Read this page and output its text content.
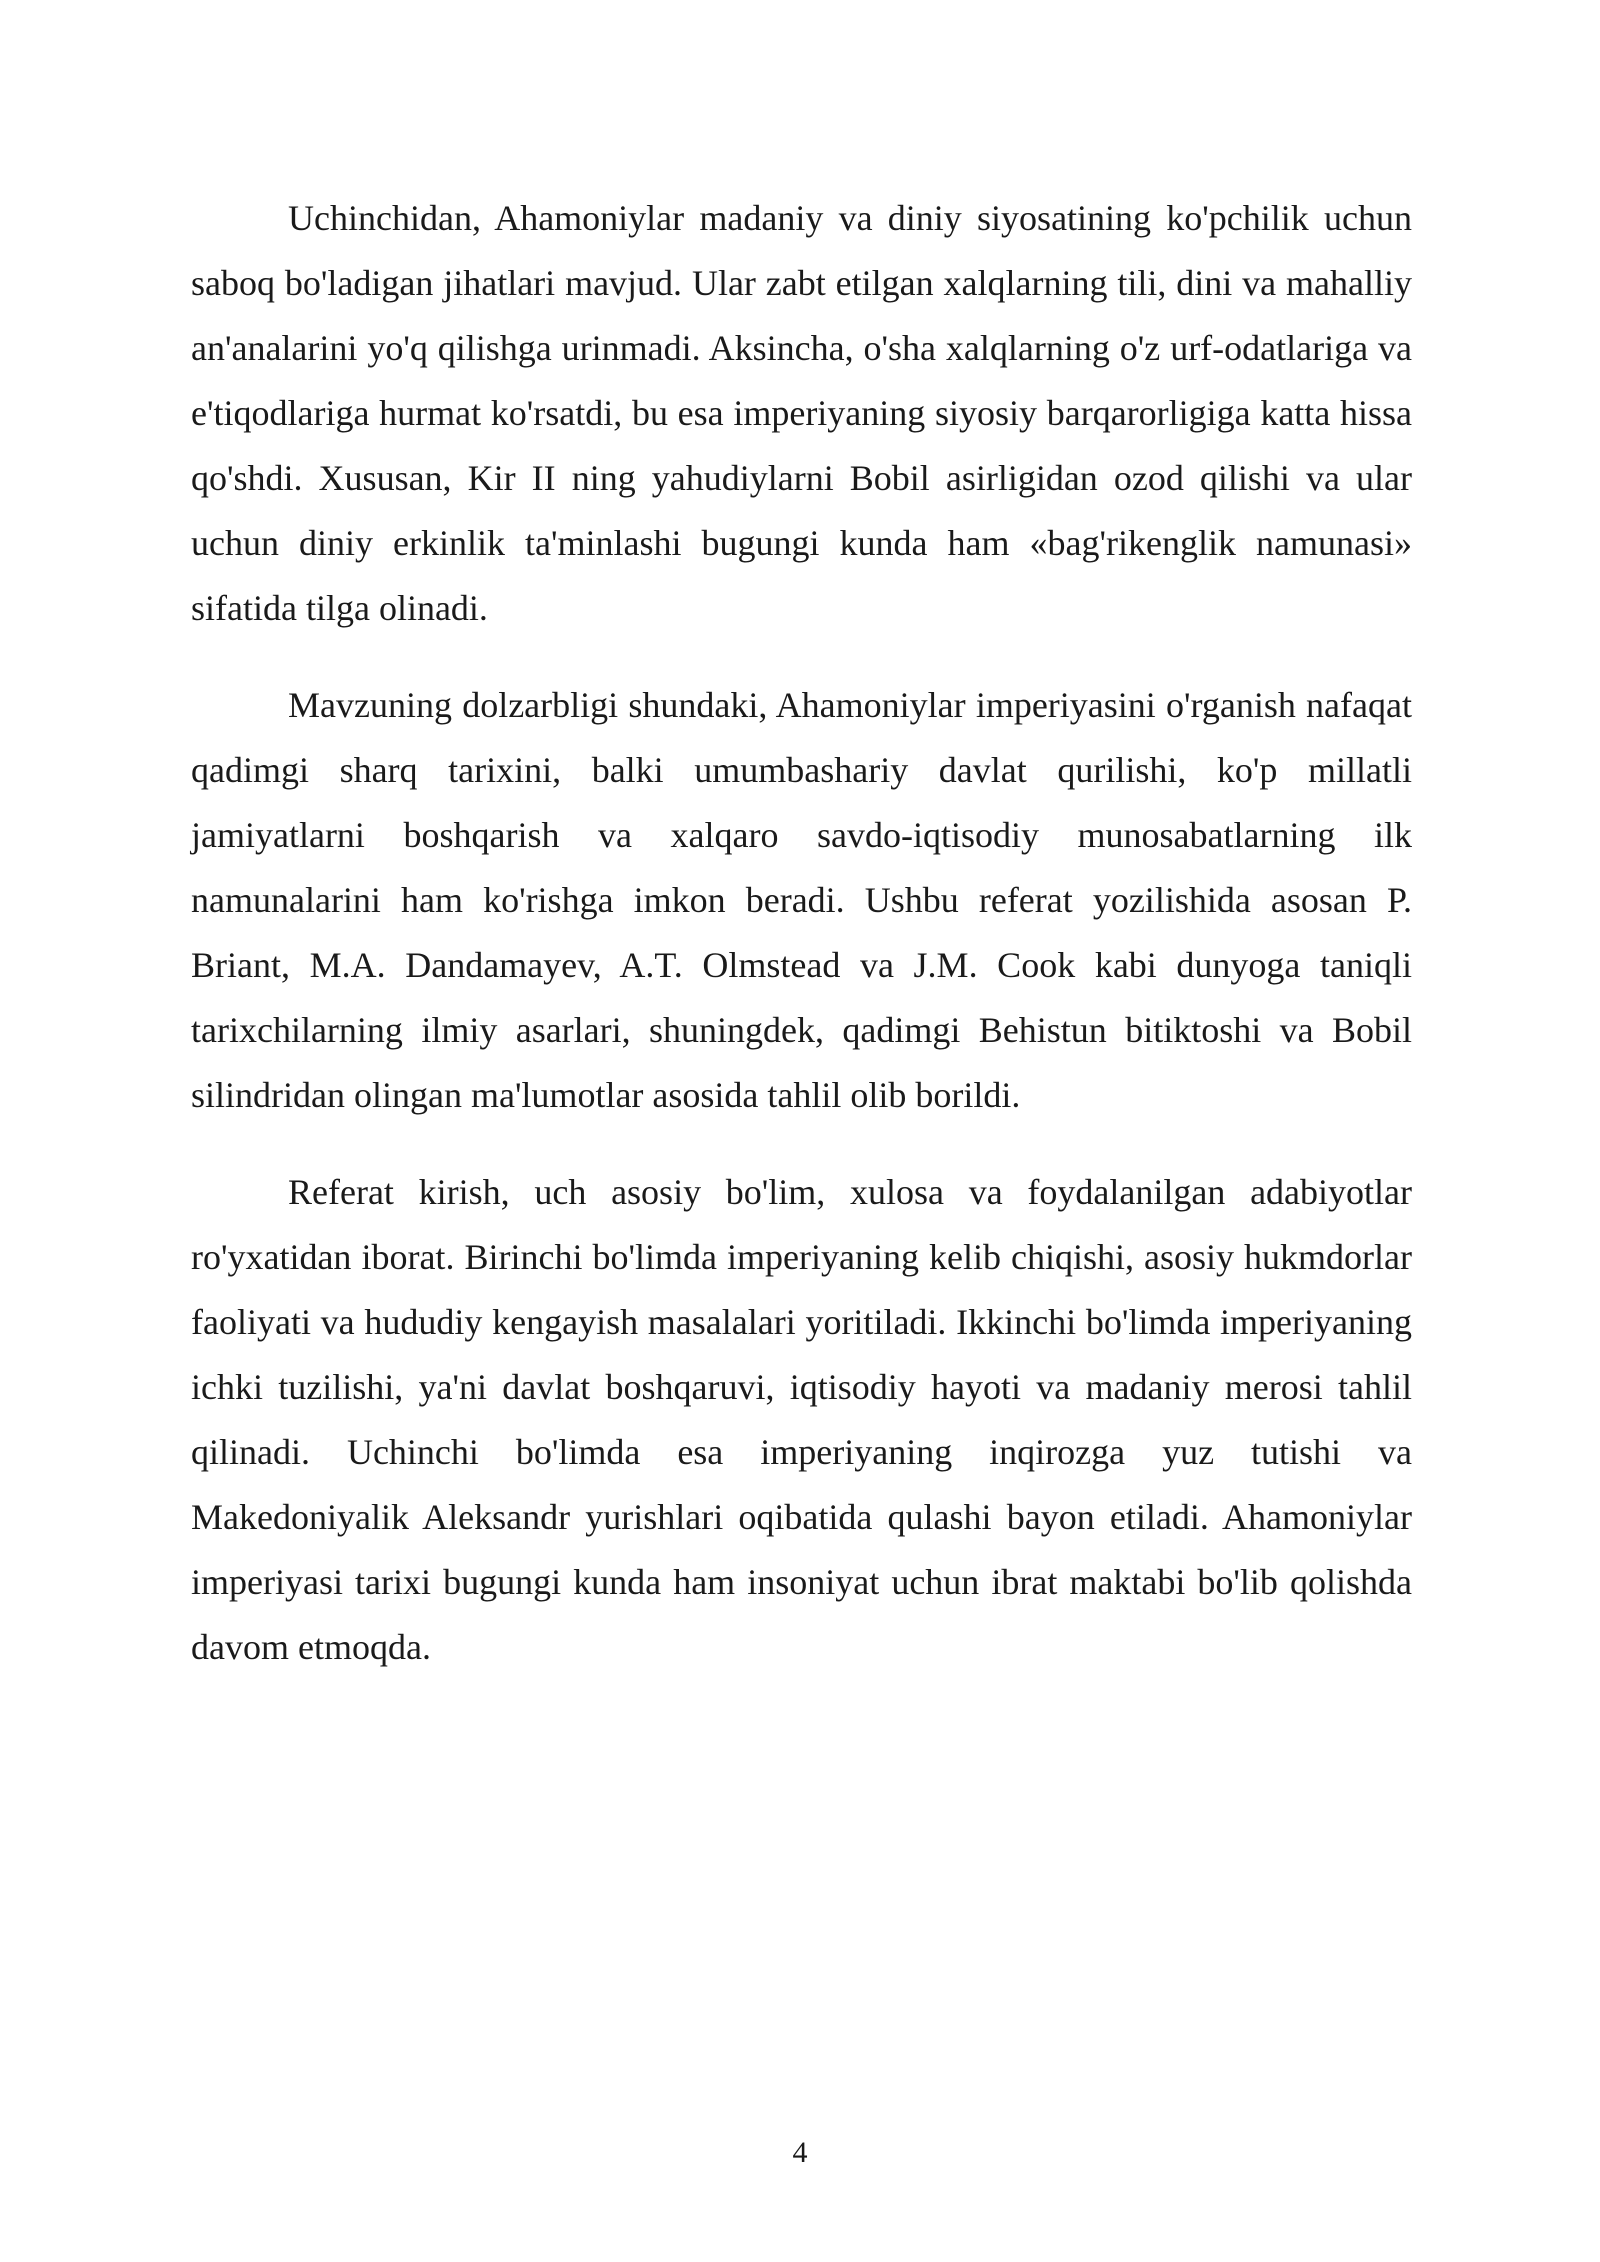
Uchinchidan, Ahamoniylar madaniy va diniy siyosatining ko'pchilik uchun saboq bo'ladigan jihatlari mavjud. Ular zabt etilgan xalqlarning tili, dini va mahalliy an'analarini yo'q qilishga urinmadi. Aksincha, o'sha xalqlarning o'z urf-odatlariga va e'tiqodlariga hurmat ko'rsatdi, bu esa imperiyaning siyosiy barqarorligiga katta hissa qo'shdi. Xususan, Kir II ning yahudiylarni Bobil asirligidan ozod qilishi va ular uchun diniy erkinlik ta'minlashi bugungi kunda ham «bag'rikenglik namunasi» sifatida tilga olinadi.

Mavzuning dolzarbligi shundaki, Ahamoniylar imperiyasini o'rganish nafaqat qadimgi sharq tarixini, balki umumbashariy davlat qurilishi, ko'p millatli jamiyatlarni boshqarish va xalqaro savdo-iqtisodiy munosabatlarning ilk namunalarini ham ko'rishga imkon beradi. Ushbu referat yozilishida asosan P. Briant, M.A. Dandamayev, A.T. Olmstead va J.M. Cook kabi dunyoga taniqli tarixchilarning ilmiy asarlari, shuningdek, qadimgi Behistun bitiktoshi va Bobil silindridan olingan ma'lumotlar asosida tahlil olib borildi.

Referat kirish, uch asosiy bo'lim, xulosa va foydalanilgan adabiyotlar ro'yxatidan iborat. Birinchi bo'limda imperiyaning kelib chiqishi, asosiy hukmdorlar faoliyati va hududiy kengayish masalalari yoritiladi. Ikkinchi bo'limda imperiyaning ichki tuzilishi, ya'ni davlat boshqaruvi, iqtisodiy hayoti va madaniy merosi tahlil qilinadi. Uchinchi bo'limda esa imperiyaning inqirozga yuz tutishi va Makedoniyalik Aleksandr yurishlari oqibatida qulashi bayon etiladi. Ahamoniylar imperiyasi tarixi bugungi kunda ham insoniyat uchun ibrat maktabi bo'lib qolishda davom etmoqda.

4
